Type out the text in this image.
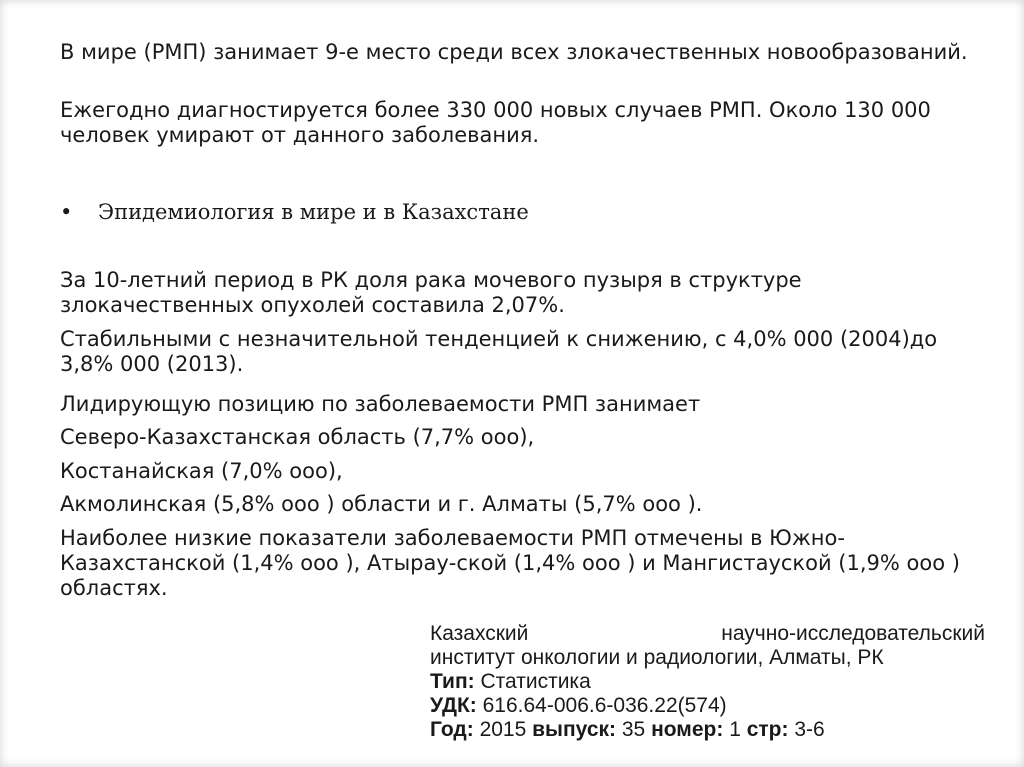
В мире (РМП) занимает 9-е место среди всех злокачественных новообразований.

Ежегодно диагностируется более 330 000 новых случаев РМП. Около 130 000 человек умирают от данного заболевания.

• Эпидемиология в мире и в Казахстане

За 10-летний период в РК доля рака мочевого пузыря в структуре злокачественных опухолей составила 2,07%.

Стабильными с незначительной тенденцией к снижению, с 4,0% 000 (2004)до 3,8% 000 (2013).

Лидирующую позицию по заболеваемости РМП занимает

Северо-Казахстанская область (7,7% ооо),

Костанайская (7,0% ооо),

Акмолинская (5,8% ооо ) области и г. Алматы (5,7% ооо ).

Наиболее низкие показатели заболеваемости РМП отмечены в Южно-Казахстанской (1,4% ооо ), Атырау-ской (1,4% ооо ) и Мангистауской (1,9% ооо ) областях.

Казахский	научно-исследовательский
институт онкологии и радиологии, Алматы, РК
Тип: Статистика
УДК: 616.64-006.6-036.22(574)
Год: 2015 выпуск: 35 номер: 1 стр: 3-6
